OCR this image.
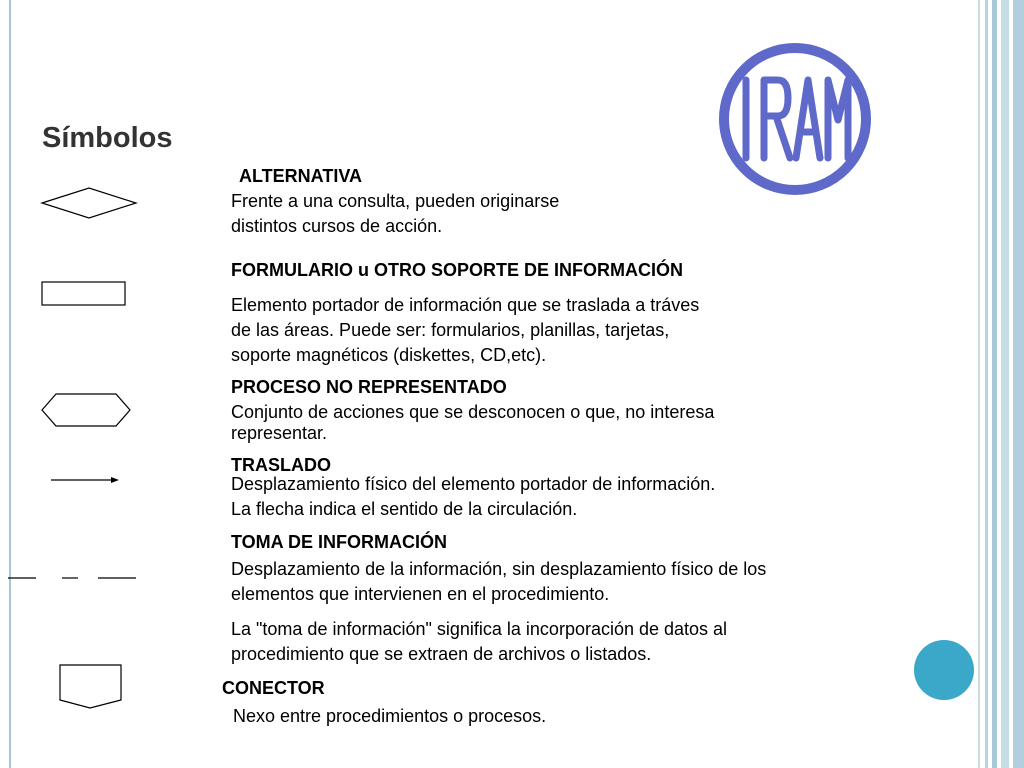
Símbolos
ALTERNATIVA
Frente a una consulta, pueden originarse
distintos cursos de acción.
FORMULARIO u OTRO SOPORTE DE INFORMACIÓN
Elemento portador de información que se traslada a tráves
de las áreas. Puede ser: formularios, planillas, tarjetas,
soporte magnéticos (diskettes, CD,etc).
PROCESO NO REPRESENTADO
Conjunto de acciones que se desconocen o que, no interesa
representar.
TRASLADO
Desplazamiento físico del elemento portador de información.
La flecha indica el sentido de la circulación.
TOMA DE INFORMACIÓN
Desplazamiento de la información, sin desplazamiento físico de los
elementos que intervienen en el procedimiento.
La "toma de información" significa la incorporación de datos al
procedimiento que se extraen de archivos o listados.
CONECTOR
Nexo entre procedimientos o procesos.
